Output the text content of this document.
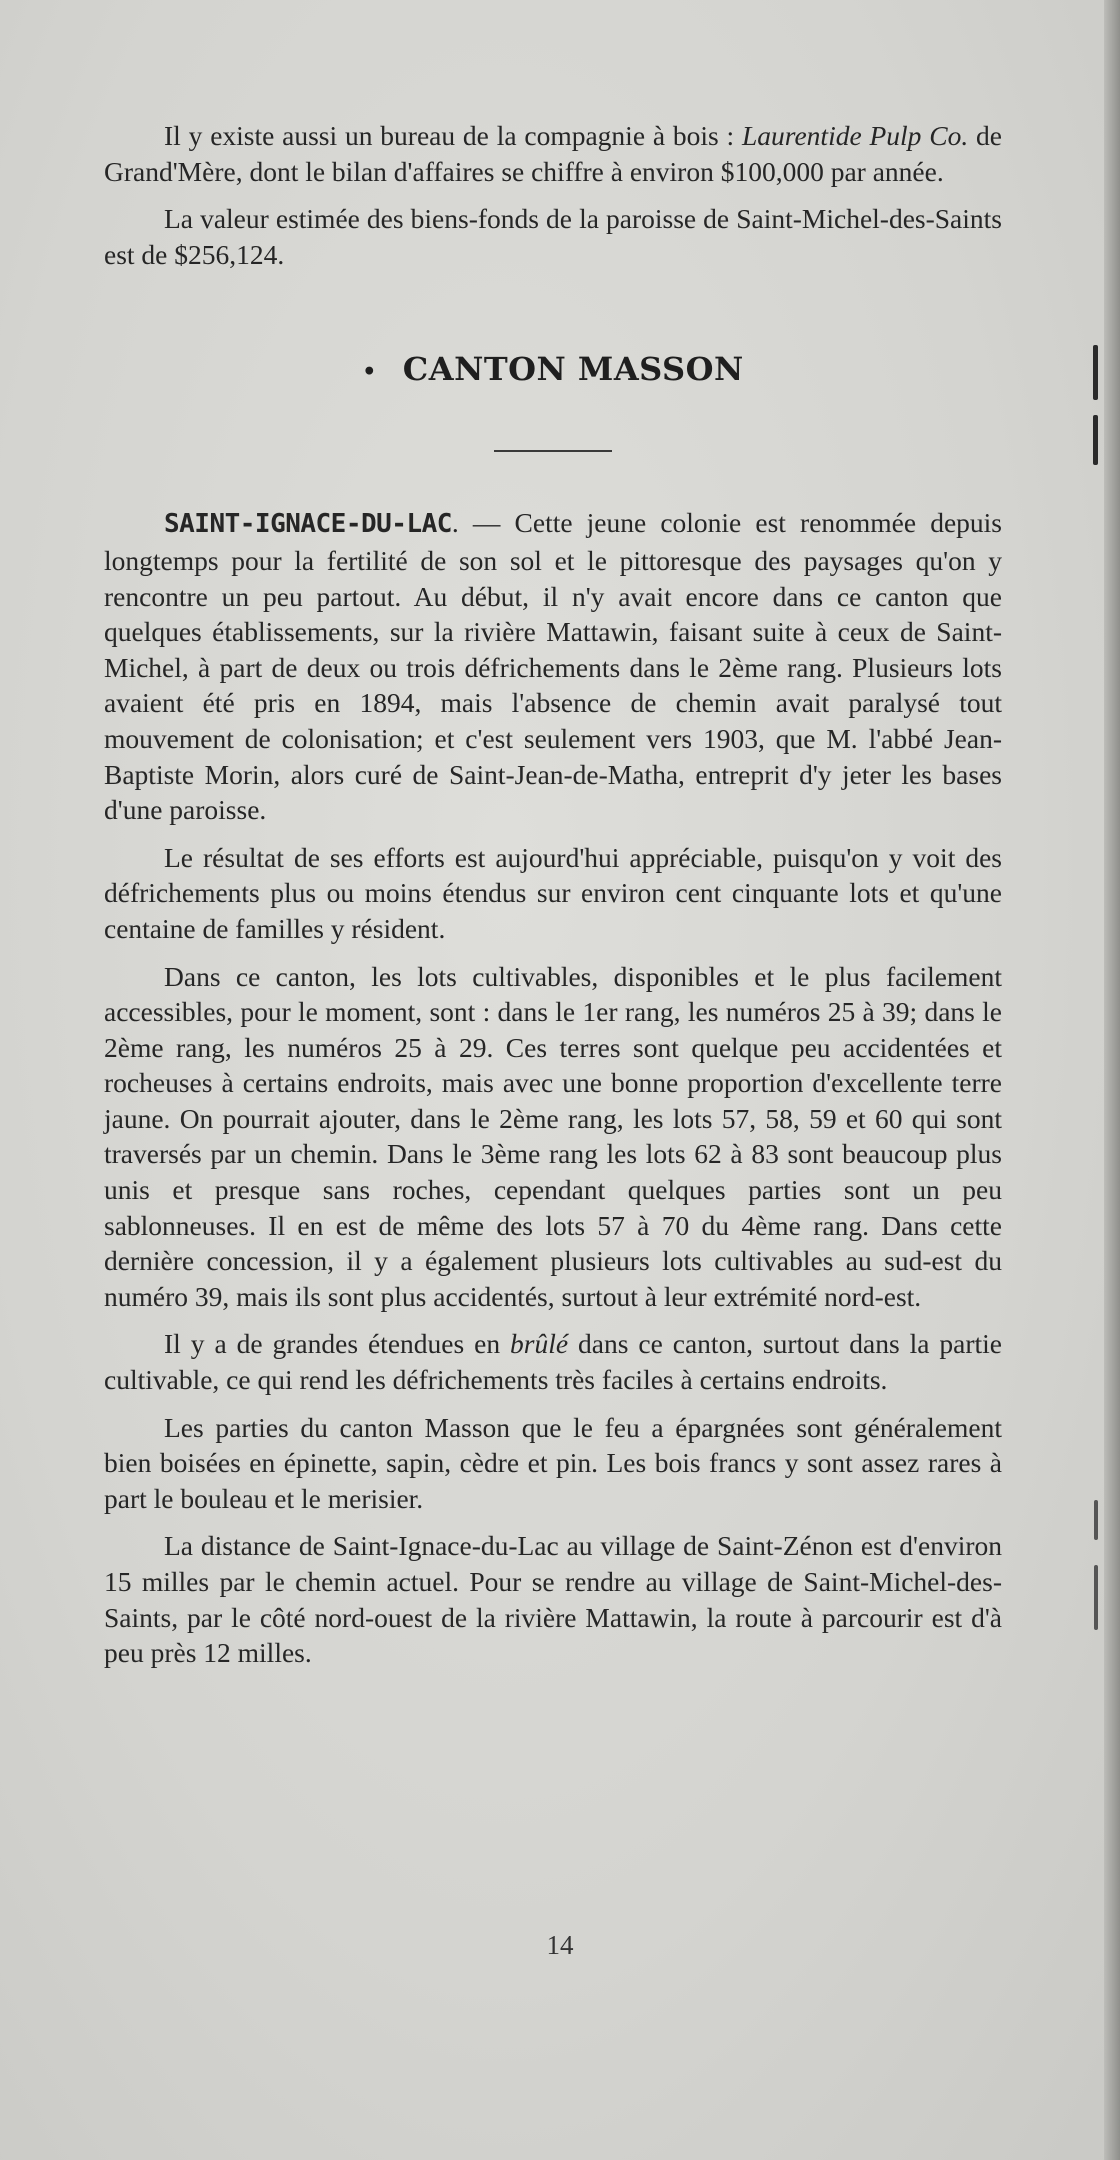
Il y existe aussi un bureau de la compagnie à bois : Laurentide Pulp Co. de Grand'Mère, dont le bilan d'affaires se chiffre à environ $100,000 par année.

La valeur estimée des biens-fonds de la paroisse de Saint-Michel-des-Saints est de $256,124.

• CANTON MASSON

SAINT-IGNACE-DU-LAC. — Cette jeune colonie est renommée depuis longtemps pour la fertilité de son sol et le pittoresque des paysages qu'on y rencontre un peu partout. Au début, il n'y avait encore dans ce canton que quelques établissements, sur la rivière Mattawin, faisant suite à ceux de Saint-Michel, à part de deux ou trois défrichements dans le 2ème rang. Plusieurs lots avaient été pris en 1894, mais l'absence de chemin avait paralysé tout mouvement de colonisation; et c'est seulement vers 1903, que M. l'abbé Jean-Baptiste Morin, alors curé de Saint-Jean-de-Matha, entreprit d'y jeter les bases d'une paroisse.

Le résultat de ses efforts est aujourd'hui appréciable, puisqu'on y voit des défrichements plus ou moins étendus sur environ cent cinquante lots et qu'une centaine de familles y résident.

Dans ce canton, les lots cultivables, disponibles et le plus facilement accessibles, pour le moment, sont : dans le 1er rang, les numéros 25 à 39; dans le 2ème rang, les numéros 25 à 29. Ces terres sont quelque peu accidentées et rocheuses à certains endroits, mais avec une bonne proportion d'excellente terre jaune. On pourrait ajouter, dans le 2ème rang, les lots 57, 58, 59 et 60 qui sont traversés par un chemin. Dans le 3ème rang les lots 62 à 83 sont beaucoup plus unis et presque sans roches, cependant quelques parties sont un peu sablonneuses. Il en est de même des lots 57 à 70 du 4ème rang. Dans cette dernière concession, il y a également plusieurs lots cultivables au sud-est du numéro 39, mais ils sont plus accidentés, surtout à leur extrémité nord-est.

Il y a de grandes étendues en brûlé dans ce canton, surtout dans la partie cultivable, ce qui rend les défrichements très faciles à certains endroits.

Les parties du canton Masson que le feu a épargnées sont généralement bien boisées en épinette, sapin, cèdre et pin. Les bois francs y sont assez rares à part le bouleau et le merisier.

La distance de Saint-Ignace-du-Lac au village de Saint-Zénon est d'environ 15 milles par le chemin actuel. Pour se rendre au village de Saint-Michel-des-Saints, par le côté nord-ouest de la rivière Mattawin, la route à parcourir est d'à peu près 12 milles.

14
